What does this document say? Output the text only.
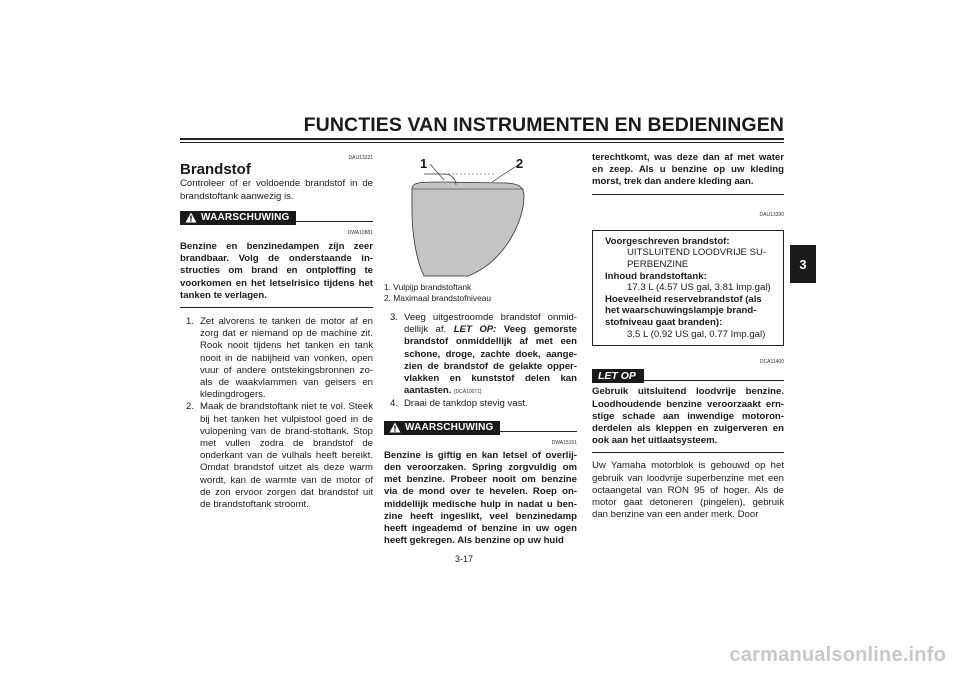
FUNCTIES VAN INSTRUMENTEN EN BEDIENINGEN
3
DAU13221
Brandstof
Controleer of er voldoende brandstof in de brandstoftank aanwezig is.
WAARSCHUWING
DWA10881
Benzine en benzinedampen zijn zeer brandbaar. Volg de onderstaande in-structies om brand en ontploffing te voorkomen en het letselrisico tijdens het tanken te verlagen.
1. Zet alvorens te tanken de motor af en zorg dat er niemand op de machine zit. Rook nooit tijdens het tanken en tank nooit in de nabijheid van vonken, open vuur of andere ontstekingsbronnen zo-als de waakvlammen van geisers en kledingdrogers.
2. Maak de brandstoftank niet te vol. Steek bij het tanken het vulpistool goed in de vulopening van de brand-stoftank. Stop met vullen zodra de brandstof de onderkant van de vulhals heeft bereikt. Omdat brandstof uitzet als deze warm wordt, kan de warmte van de motor of de zon ervoor zorgen dat brandstof uit de brandstoftank stroomt.
1	2
1. Vulpijp brandstoftank
2. Maximaal brandstofniveau
3. Veeg uitgestroomde brandstof onmid-dellijk af. LET OP: Veeg gemorste brandstof onmiddellijk af met een schone, droge, zachte doek, aange-zien de brandstof de gelakte opper-vlakken en kunststof delen kan aantasten. [DCA10071]
4. Draai de tankdop stevig vast.
WAARSCHUWING
DWA15151
Benzine is giftig en kan letsel of overlij-den veroorzaken. Spring zorgvuldig om met benzine. Probeer nooit om benzine via de mond over te hevelen. Roep on-middellijk medische hulp in nadat u ben-zine heeft ingeslikt, veel benzinedamp heeft ingeademd of benzine in uw ogen heeft gekregen. Als benzine op uw huid
terechtkomt, was deze dan af met water en zeep. Als u benzine op uw kleding morst, trek dan andere kleding aan.
DAU13390
Voorgeschreven brandstof:
UITSLUITEND LOODVRIJE SU-PERBENZINE
Inhoud brandstoftank:
17.3 L (4.57 US gal, 3.81 Imp.gal)
Hoeveelheid reservebrandstof (als het waarschuwingslampje brand-stofniveau gaat branden):
3.5 L (0.92 US gal, 0.77 Imp.gal)
DCA11400
LET OP
Gebruik uitsluitend loodvrije benzine. Loodhoudende benzine veroorzaakt ern-stige schade aan inwendige motoron-derdelen als kleppen en zuigerveren en ook aan het uitlaatsysteem.
Uw Yamaha motorblok is gebouwd op het gebruik van loodvrije superbenzine met een octaangetal van RON 95 of hoger. Als de motor gaat detoneren (pingelen), gebruik dan benzine van een ander merk. Door
3-17
carmanualsonline.info
